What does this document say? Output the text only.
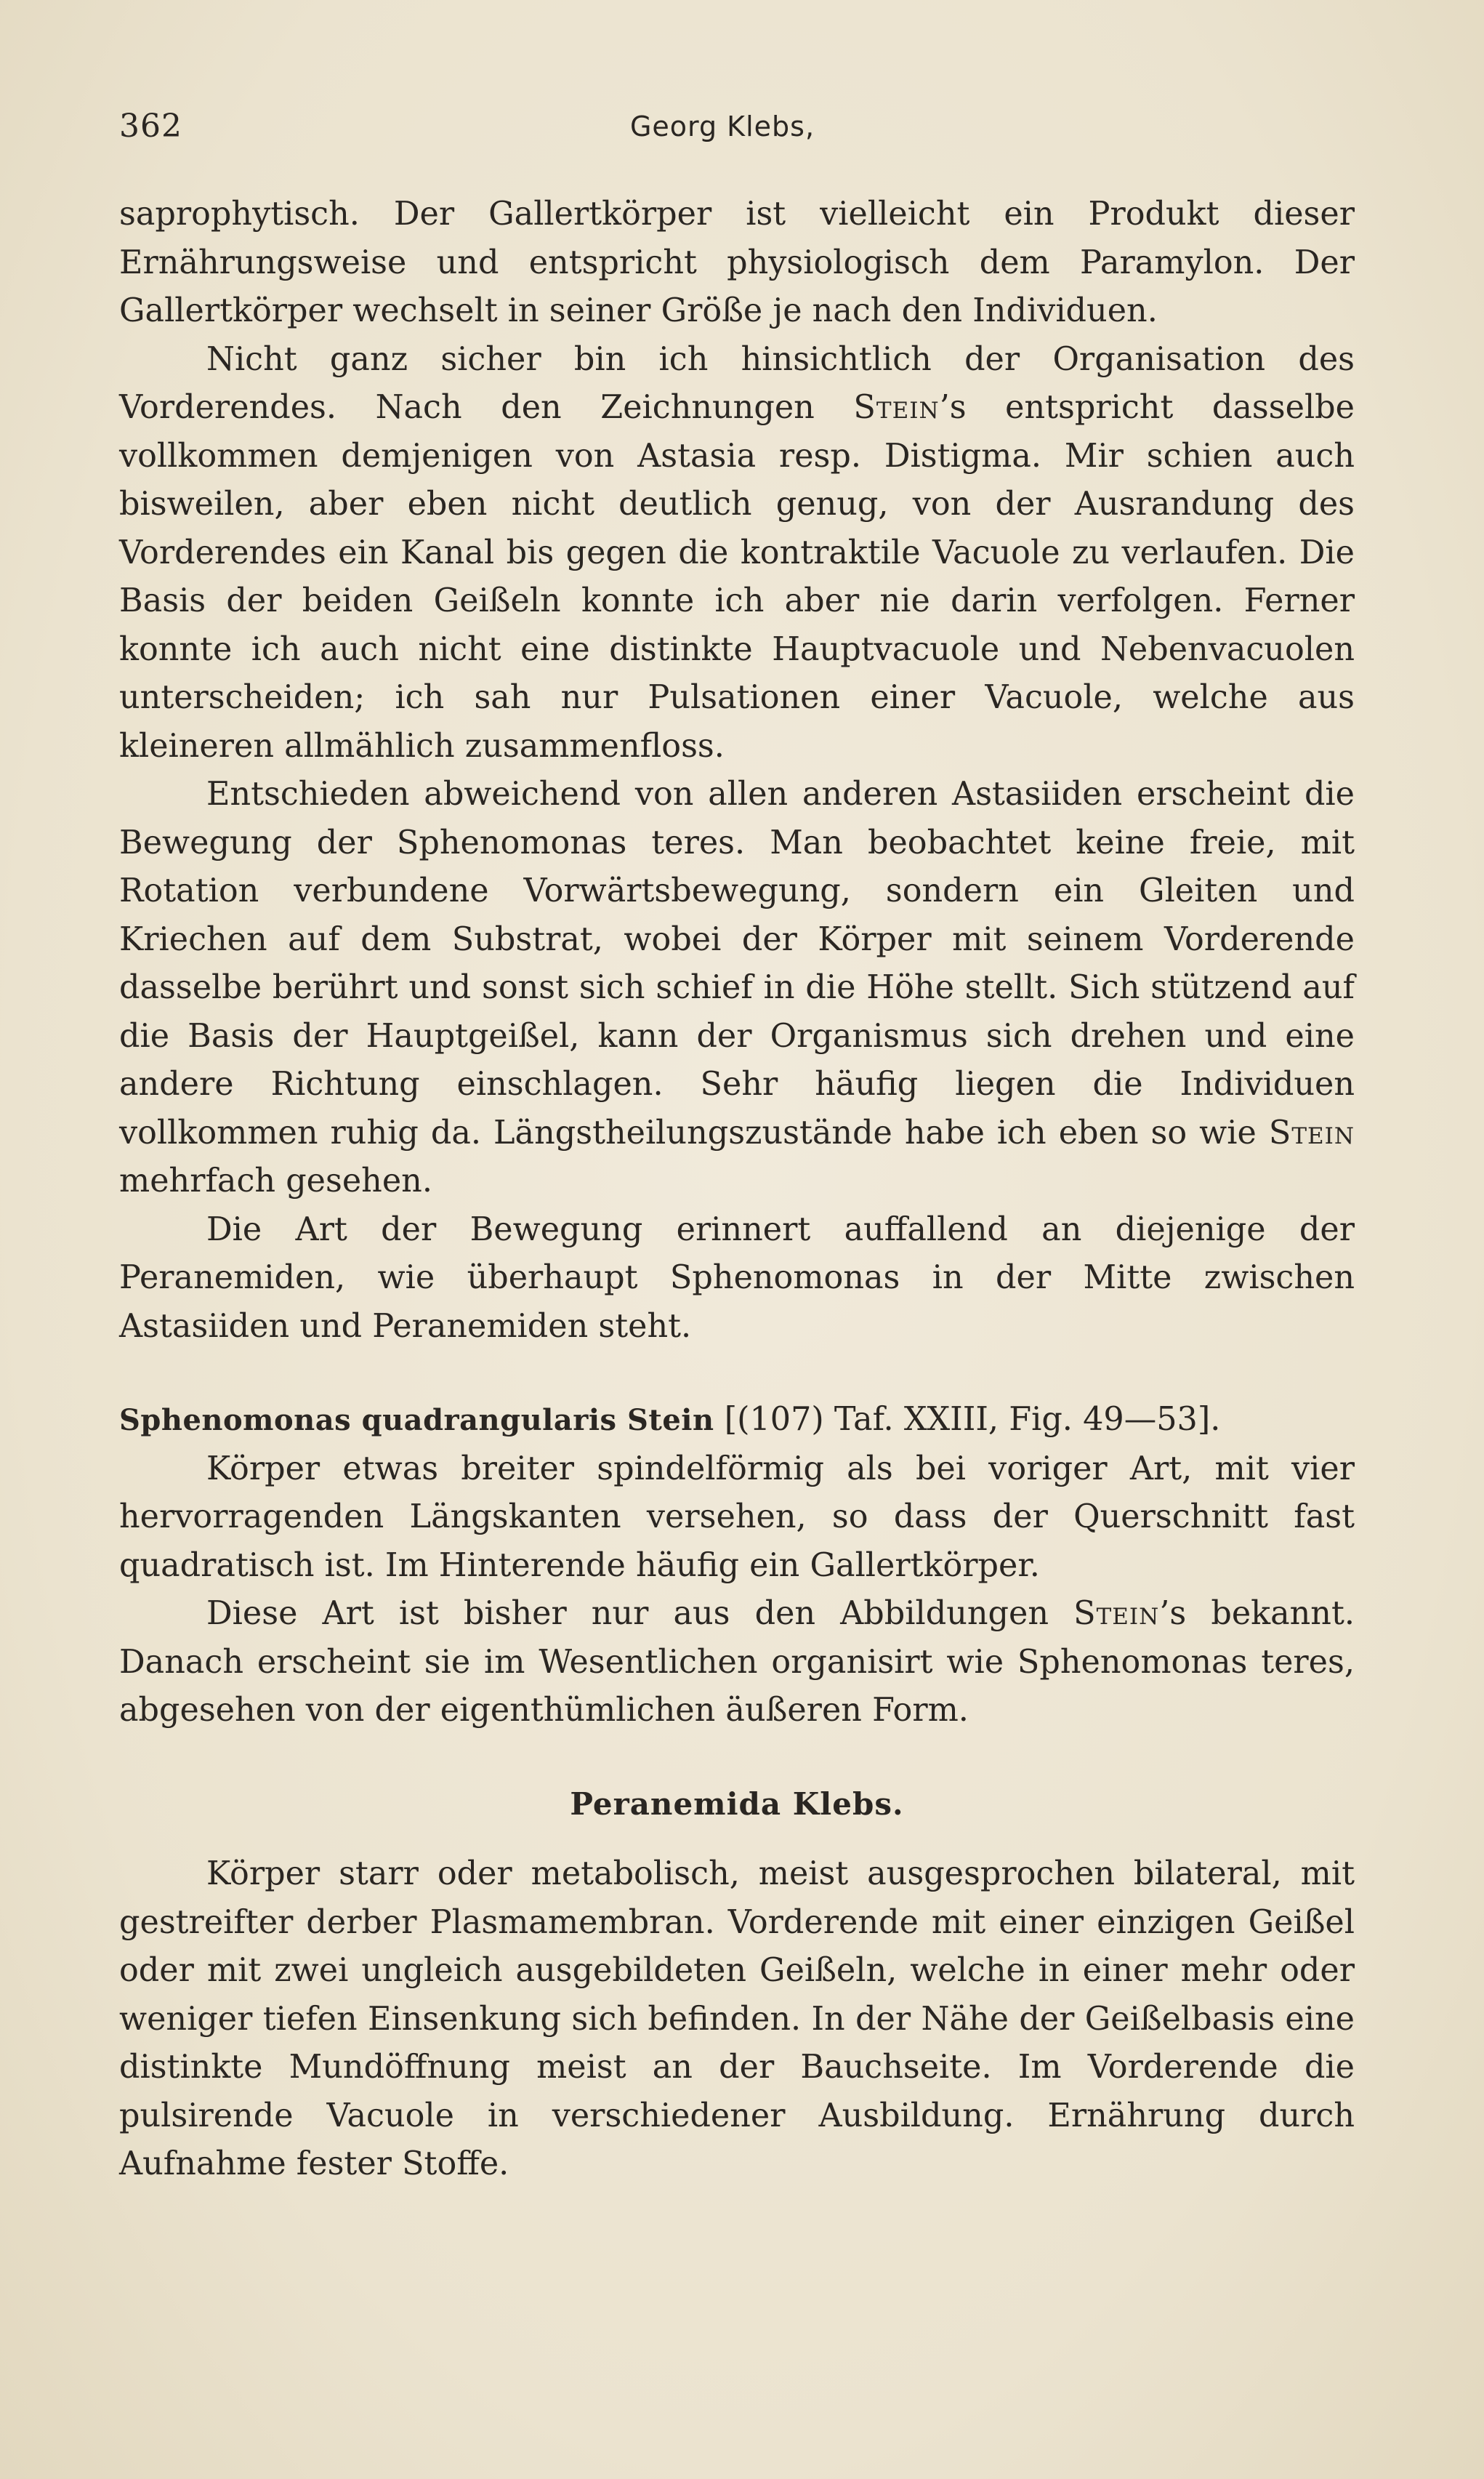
362	Georg Klebs,

saprophytisch. Der Gallertkörper ist vielleicht ein Produkt dieser Ernährungsweise und entspricht physiologisch dem Paramylon. Der Gallertkörper wechselt in seiner Größe je nach den Individuen.

Nicht ganz sicher bin ich hinsichtlich der Organisation des Vorderendes. Nach den Zeichnungen Stein’s entspricht dasselbe vollkommen demjenigen von Astasia resp. Distigma. Mir schien auch bisweilen, aber eben nicht deutlich genug, von der Ausrandung des Vorderendes ein Kanal bis gegen die kontraktile Vacuole zu verlaufen. Die Basis der beiden Geißeln konnte ich aber nie darin verfolgen. Ferner konnte ich auch nicht eine distinkte Hauptvacuole und Nebenvacuolen unterscheiden; ich sah nur Pulsationen einer Vacuole, welche aus kleineren allmählich zusammenfloss.

Entschieden abweichend von allen anderen Astasiiden erscheint die Bewegung der Sphenomonas teres. Man beobachtet keine freie, mit Rotation verbundene Vorwärtsbewegung, sondern ein Gleiten und Kriechen auf dem Substrat, wobei der Körper mit seinem Vorderende dasselbe berührt und sonst sich schief in die Höhe stellt. Sich stützend auf die Basis der Hauptgeißel, kann der Organismus sich drehen und eine andere Richtung einschlagen. Sehr häufig liegen die Individuen vollkommen ruhig da. Längstheilungszustände habe ich eben so wie Stein mehrfach gesehen.

Die Art der Bewegung erinnert auffallend an diejenige der Peranemiden, wie überhaupt Sphenomonas in der Mitte zwischen Astasiiden und Peranemiden steht.

Sphenomonas quadrangularis Stein [(107) Taf. XXIII, Fig. 49—53].

Körper etwas breiter spindelförmig als bei voriger Art, mit vier hervorragenden Längskanten versehen, so dass der Querschnitt fast quadratisch ist. Im Hinterende häufig ein Gallertkörper.

Diese Art ist bisher nur aus den Abbildungen Stein’s bekannt. Danach erscheint sie im Wesentlichen organisirt wie Sphenomonas teres, abgesehen von der eigenthümlichen äußeren Form.

Peranemida Klebs.

Körper starr oder metabolisch, meist ausgesprochen bilateral, mit gestreifter derber Plasmamembran. Vorderende mit einer einzigen Geißel oder mit zwei ungleich ausgebildeten Geißeln, welche in einer mehr oder weniger tiefen Einsenkung sich befinden. In der Nähe der Geißelbasis eine distinkte Mundöffnung meist an der Bauchseite. Im Vorderende die pulsirende Vacuole in verschiedener Ausbildung. Ernährung durch Aufnahme fester Stoffe.
